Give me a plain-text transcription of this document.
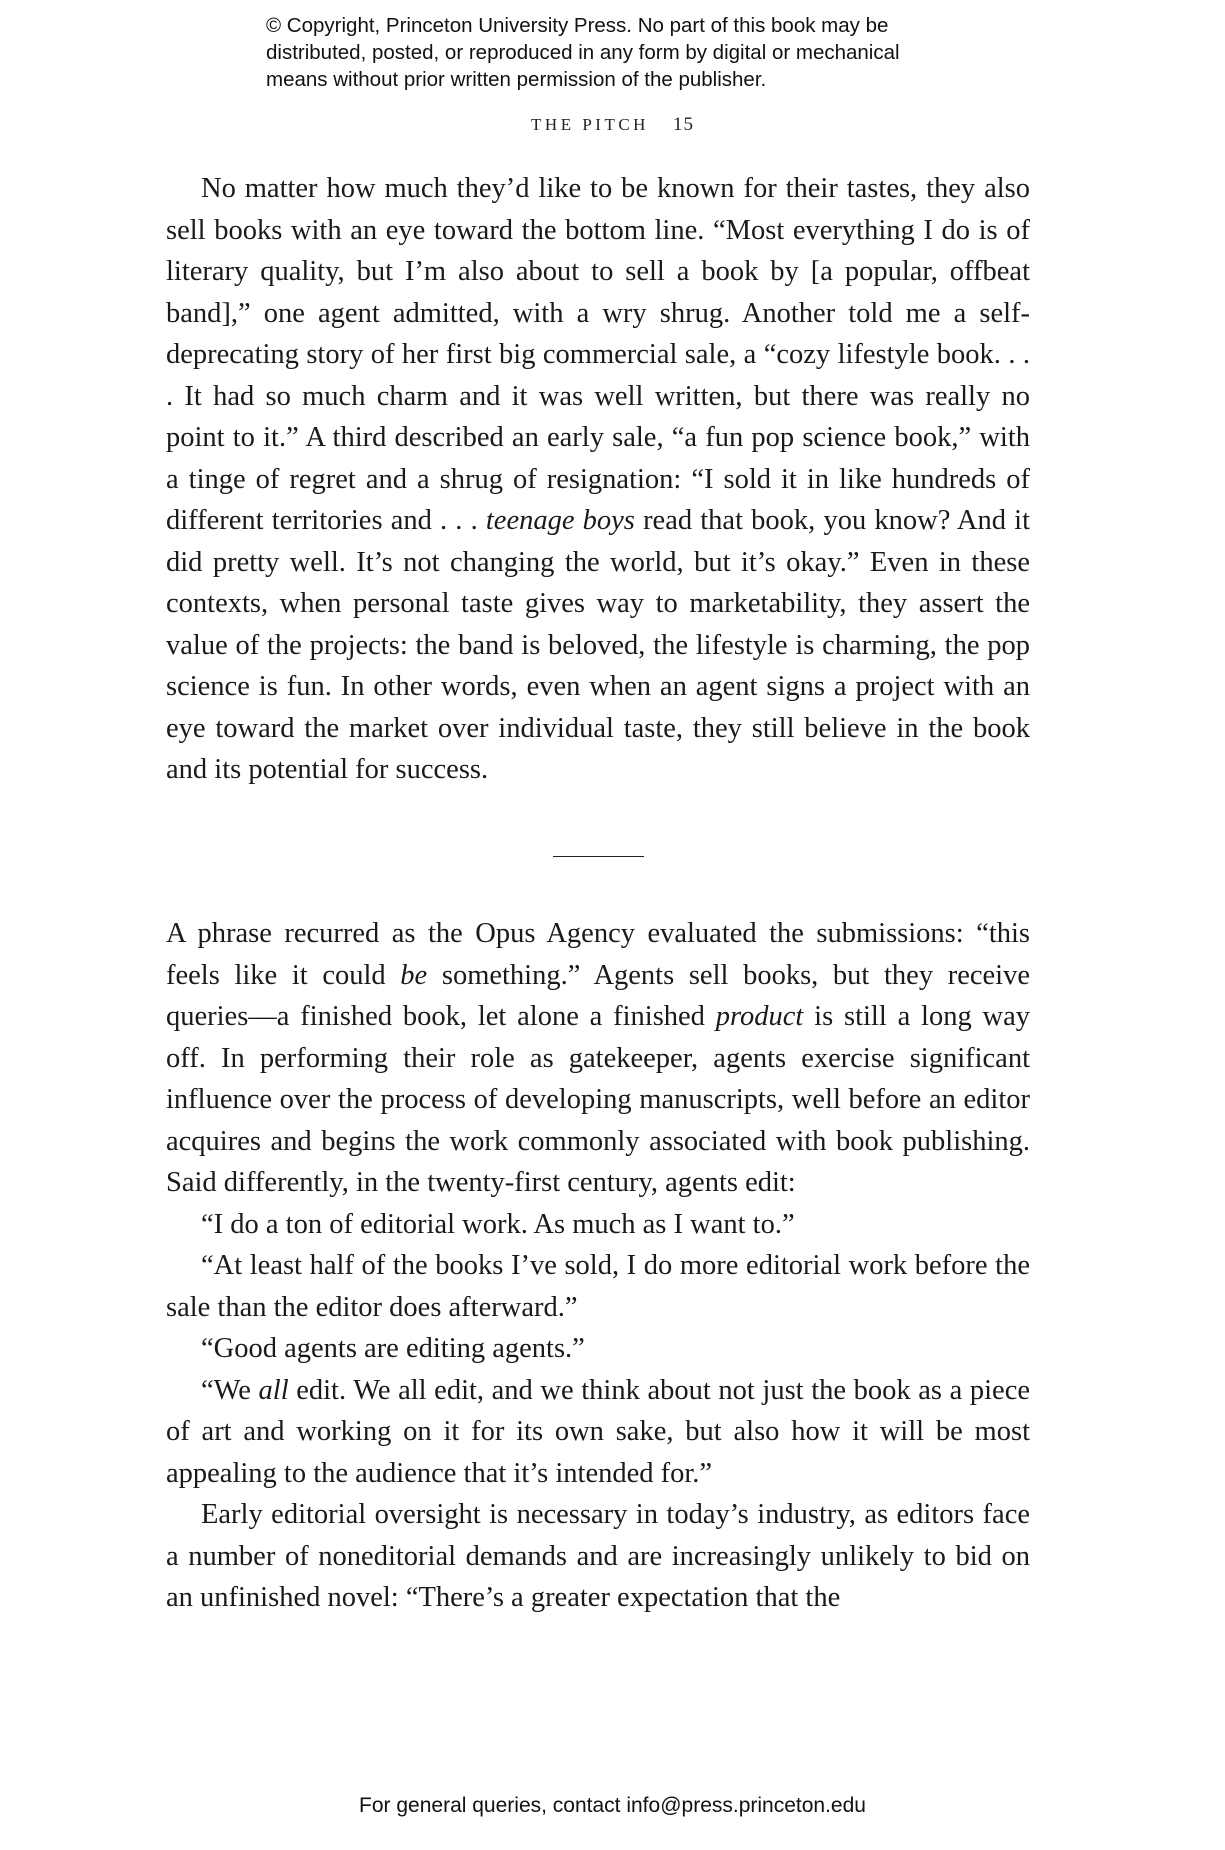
© Copyright, Princeton University Press. No part of this book may be
distributed, posted, or reproduced in any form by digital or mechanical
means without prior written permission of the publisher.
THE PITCH 15

No matter how much they’d like to be known for their tastes, they also sell books with an eye toward the bottom line. “Most everything I do is of literary quality, but I’m also about to sell a book by [a popular, offbeat band],” one agent admitted, with a wry shrug. Another told me a self-deprecating story of her first big commercial sale, a “cozy lifestyle book. . . . It had so much charm and it was well written, but there was really no point to it.” A third described an early sale, “a fun pop science book,” with a tinge of regret and a shrug of resignation: “I sold it in like hundreds of different territories and . . . teenage boys read that book, you know? And it did pretty well. It’s not changing the world, but it’s okay.” Even in these contexts, when personal taste gives way to marketability, they assert the value of the projects: the band is beloved, the lifestyle is charming, the pop science is fun. In other words, even when an agent signs a project with an eye toward the market over individual taste, they still believe in the book and its potential for success.

A phrase recurred as the Opus Agency evaluated the submissions: “this feels like it could be something.” Agents sell books, but they receive queries—a finished book, let alone a finished product is still a long way off. In performing their role as gatekeeper, agents exercise significant influence over the process of developing manuscripts, well before an editor acquires and begins the work commonly associated with book publishing. Said differently, in the twenty-first century, agents edit:

“I do a ton of editorial work. As much as I want to.”

“At least half of the books I’ve sold, I do more editorial work before the sale than the editor does afterward.”

“Good agents are editing agents.”

“We all edit. We all edit, and we think about not just the book as a piece of art and working on it for its own sake, but also how it will be most appealing to the audience that it’s intended for.”

Early editorial oversight is necessary in today’s industry, as editors face a number of noneditorial demands and are increasingly unlikely to bid on an unfinished novel: “There’s a greater expectation that the

For general queries, contact info@press.princeton.edu
